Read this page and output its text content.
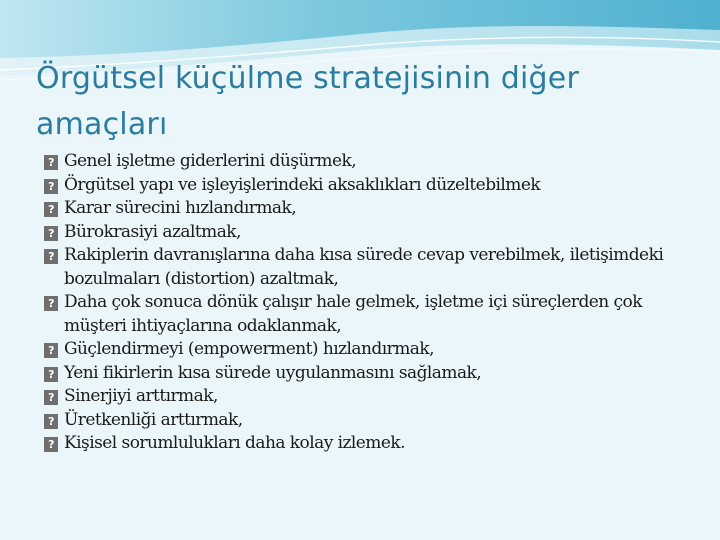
Örgütsel küçülme stratejisinin diğer amaçları
? Genel işletme giderlerini düşürmek,
? Örgütsel yapı ve işleyişlerindeki aksaklıkları düzeltebilmek
? Karar sürecini hızlandırmak,
? Bürokrasiyi azaltmak,
? Rakiplerin davranışlarına daha kısa sürede cevap verebilmek, iletişimdeki bozulmaları (distortion) azaltmak,
? Daha çok sonuca dönük çalışır hale gelmek, işletme içi süreçlerden çok müşteri ihtiyaçlarına odaklanmak,
? Güçlendirmeyi (empowerment) hızlandırmak,
? Yeni fikirlerin kısa sürede uygulanmasını sağlamak,
? Sinerjiyi arttırmak,
? Üretkenliği arttırmak,
? Kişisel sorumlulukları daha kolay izlemek.
